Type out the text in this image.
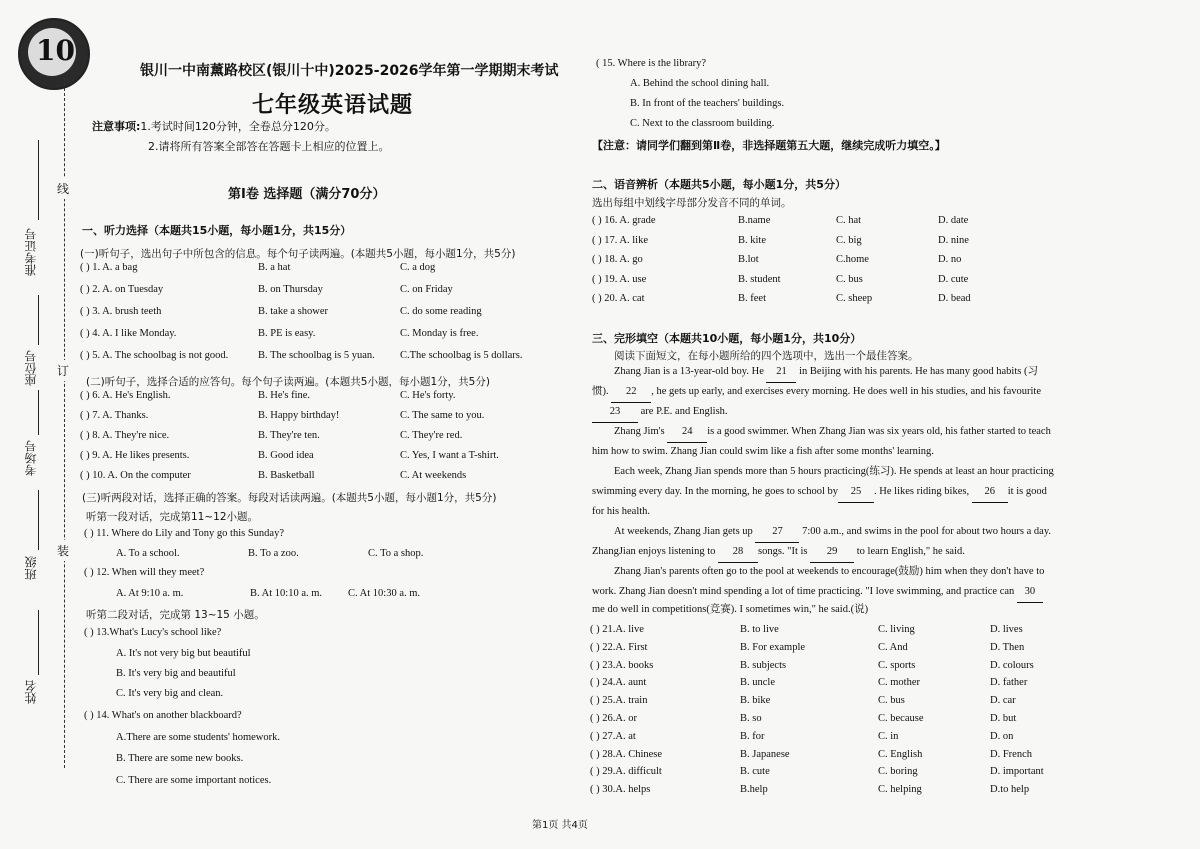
10
线
订
装
准考证号
座位号
考场号
班级
姓名
银川一中南薰路校区(银川十中)2025-2026学年第一学期期末考试
七年级英语试题
注意事项:1.考试时间120分钟，全卷总分120分。
2.请将所有答案全部答在答题卡上相应的位置上。
第Ⅰ卷 选择题（满分70分）
一、听力选择（本题共15小题，每小题1分，共15分）
(一)听句子，选出句子中所包含的信息。每个句子读两遍。(本题共5小题，每小题1分，共5分)
( ) 1. A. a bag	B. a hat	C. a dog
( ) 2. A. on Tuesday	B. on Thursday	C. on Friday
( ) 3. A. brush teeth	B. take a shower	C. do some reading
( ) 4. A. I like Monday.	B. PE is easy.	C. Monday is free.
( ) 5. A. The schoolbag is not good.	B. The schoolbag is 5 yuan. C.The schoolbag is 5 dollars.
(二)听句子，选择合适的应答句。每个句子读两遍。(本题共5小题，每小题1分，共5分)
( ) 6. A. He's English.	B. He's fine.	C. He's forty.
( ) 7. A. Thanks.	B. Happy birthday!	C. The same to you.
( ) 8. A. They're nice.	B. They're ten.	C. They're red.
( ) 9. A. He likes presents.	B. Good idea	C. Yes, I want a T-shirt.
( ) 10. A. On the computer	B. Basketball	C. At weekends
(三)听两段对话，选择正确的答案。每段对话读两遍。(本题共5小题，每小题1分，共5分)
听第一段对话，完成第11~12小题。
( ) 11. Where do Lily and Tony go this Sunday?
A. To a school.	B. To a zoo.	C. To a shop.
( ) 12. When will they meet?
A. At 9:10 a. m.	B. At 10:10 a. m. C. At 10:30 a. m.
听第二段对话，完成第 13~15 小题。
( ) 13.What's Lucy's school like?
A. It's not very big but beautiful
B. It's very big and beautiful
C. It's very big and clean.
( ) 14. What's on another blackboard?
A.There are some students' homework.
B. There are some new books.
C. There are some important notices.
( 15. Where is the library?
A. Behind the school dining hall.
B. In front of the teachers' buildings.
C. Next to the classroom building.
【注意：请同学们翻到第Ⅱ卷，非选择题第五大题，继续完成听力填空。】
二、语音辨析（本题共5小题，每小题1分，共5分）
选出每组中划线字母部分发音不同的单词。
( ) 16. A. grade	B.name	C. hat	D. date
( ) 17. A. like	B. kite	C. big	D. nine
( ) 18. A. go	B.lot	C.home	D. no
( ) 19. A. use	B. student	C. bus	D. cute
( ) 20. A. cat	B. feet	C. sheep	D. bead
三、完形填空（本题共10小题，每小题1分，共10分）
阅读下面短文，在每小题所给的四个选项中，选出一个最佳答案。
Zhang Jian is a 13-year-old boy. He 21 in Beijing with his parents. He has many good habits (习
惯). 22 , he gets up early, and exercises every morning. He does well in his studies, and his favourite
23 are P.E. and English.
Zhang Jim's 24 is a good swimmer. When Zhang Jian was six years old, his father started to teach
him how to swim. Zhang Jian could swim like a fish after some months' learning.
Each week, Zhang Jian spends more than 5 hours practicing(练习). He spends at least an hour practicing
swimming every day. In the morning, he goes to school by 25 . He likes riding bikes, 26 it is good
for his health.
At weekends, Zhang Jian gets up 27 7:00 a.m., and swims in the pool for about two hours a day.
ZhangJian enjoys listening to 28 songs. "It is 29 to learn English," he said.
Zhang Jian's parents often go to the pool at weekends to encourage(鼓励) him when they don't have to
work. Zhang Jian doesn't mind spending a lot of time practicing. "I love swimming, and practice can 30
me do well in competitions(竞赛). I sometimes win," he said.(说)
( ) 21.A. live	B. to live	C. living	D. lives
( ) 22.A. First	B. For example	C. And	D. Then
( ) 23.A. books	B. subjects	C. sports	D. colours
( ) 24.A. aunt	B. uncle	C. mother	D. father
( ) 25.A. train	B. bike	C. bus	D. car
( ) 26.A. or	B. so	C. because	D. but
( ) 27.A. at	B. for	C. in	D. on
( ) 28.A. Chinese	B. Japanese	C. English	D. French
( ) 29.A. difficult	B. cute	C. boring	D. important
( ) 30.A. helps	B.help	C. helping	D.to help
第1页 共4页
